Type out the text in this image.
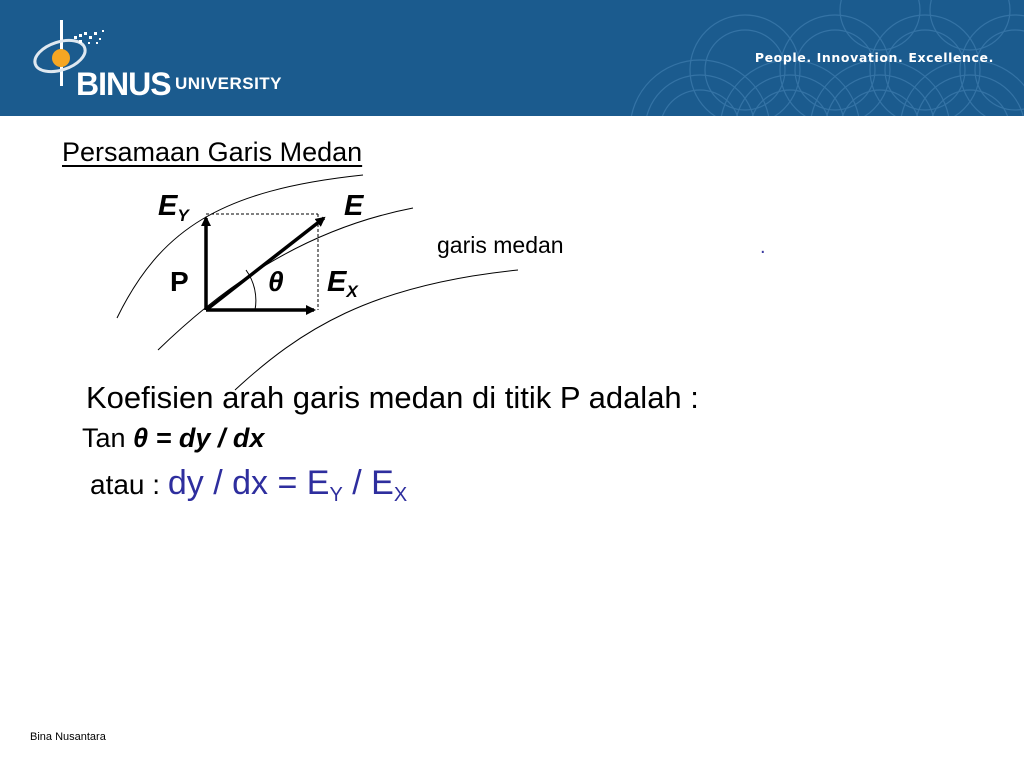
BINUS UNIVERSITY
People. Innovation. Excellence.
Persamaan Garis Medan
$E_Y$	E
P	θ $E_X$
garis medan	.
Koefisien arah garis medan di titik P adalah :
Tan θ = dy / dx
atau : dy / dx = EY / EX
Bina Nusantara
